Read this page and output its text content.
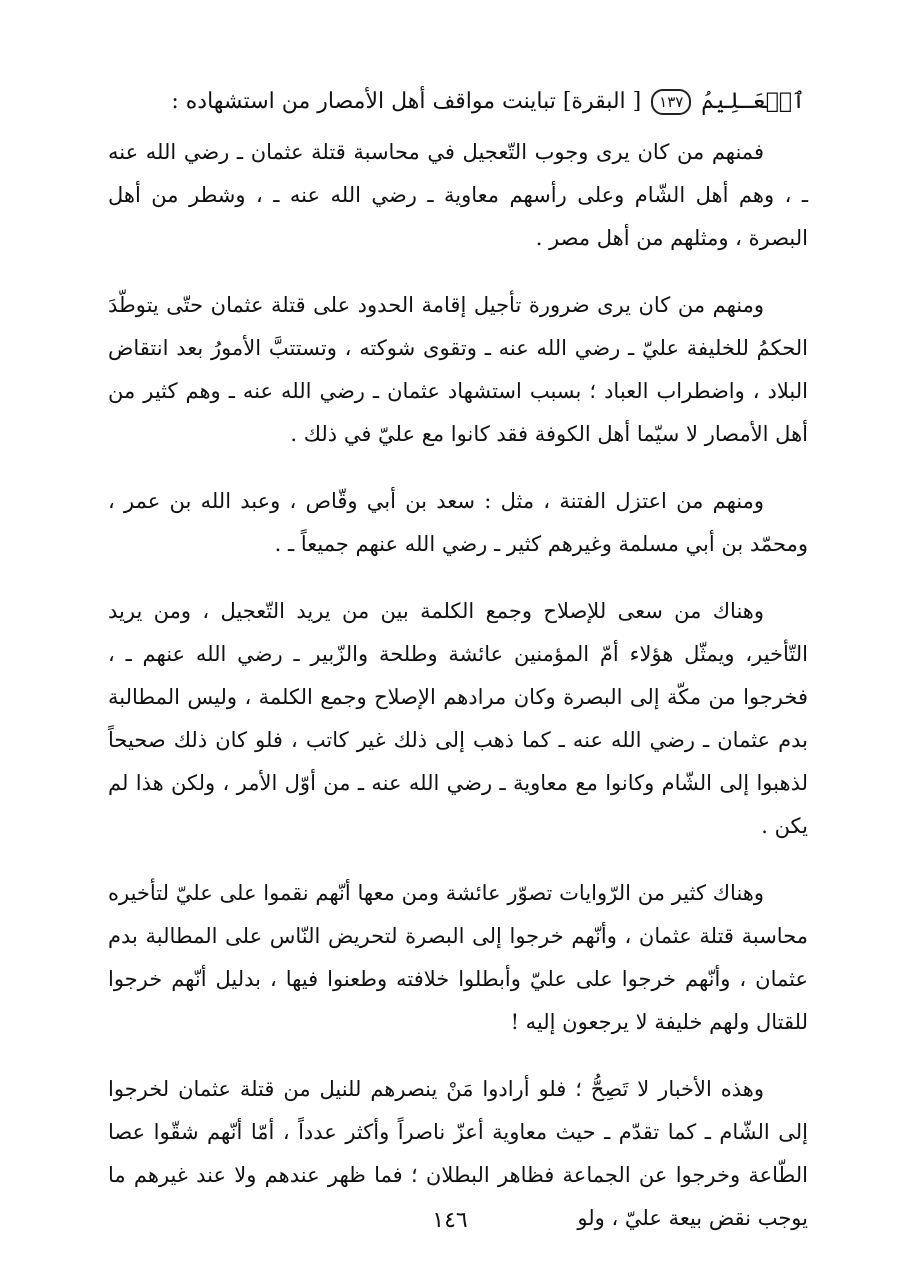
ٱلۡعَـلِيمُ ١٣٧ [ البقرة] تباينت مواقف أهل الأمصار من استشهاده :

فمنهم من كان يرى وجوب التّعجيل في محاسبة قتلة عثمان ـ رضي الله عنه ـ ، وهم أهل الشّام وعلى رأسهم معاوية ـ رضي الله عنه ـ ، وشطر من أهل البصرة ، ومثلهم من أهل مصر .

ومنهم من كان يرى ضرورة تأجيل إقامة الحدود على قتلة عثمان حتّى يتوطّدَ الحكمُ للخليفة عليّ ـ رضي الله عنه ـ وتقوى شوكته ، وتستتبَّ الأمورُ بعد انتقاض البلاد ، واضطراب العباد ؛ بسبب استشهاد عثمان ـ رضي الله عنه ـ وهم كثير من أهل الأمصار لا سيّما أهل الكوفة فقد كانوا مع عليّ في ذلك .

ومنهم من اعتزل الفتنة ، مثل : سعد بن أبي وقّاص ، وعبد الله بن عمر ، ومحمّد بن أبي مسلمة وغيرهم كثير ـ رضي الله عنهم جميعاً ـ .

وهناك من سعى للإصلاح وجمع الكلمة بين من يريد التّعجيل ، ومن يريد التّأخير، ويمثّل هؤلاء أمّ المؤمنين عائشة وطلحة والزّبير ـ رضي الله عنهم ـ ، فخرجوا من مكّة إلى البصرة وكان مرادهم الإصلاح وجمع الكلمة ، وليس المطالبة بدم عثمان ـ رضي الله عنه ـ كما ذهب إلى ذلك غير كاتب ، فلو كان ذلك صحيحاً لذهبوا إلى الشّام وكانوا مع معاوية ـ رضي الله عنه ـ من أوّل الأمر ، ولكن هذا لم يكن .

وهناك كثير من الرّوايات تصوّر عائشة ومن معها أنّهم نقموا على عليّ لتأخيره محاسبة قتلة عثمان ، وأنّهم خرجوا إلى البصرة لتحريض النّاس على المطالبة بدم عثمان ، وأنّهم خرجوا على عليّ وأبطلوا خلافته وطعنوا فيها ، بدليل أنّهم خرجوا للقتال ولهم خليفة لا يرجعون إليه !

وهذه الأخبار لا تَصِحُّ ؛ فلو أرادوا مَنْ ينصرهم للنيل من قتلة عثمان لخرجوا إلى الشّام ـ كما تقدّم ـ حيث معاوية أعزّ ناصراً وأكثر عدداً ، أمّا أنّهم شقّوا عصا الطّاعة وخرجوا عن الجماعة فظاهر البطلان ؛ فما ظهر عندهم ولا عند غيرهم ما يوجب نقض بيعة عليّ ، ولو

١٤٦
